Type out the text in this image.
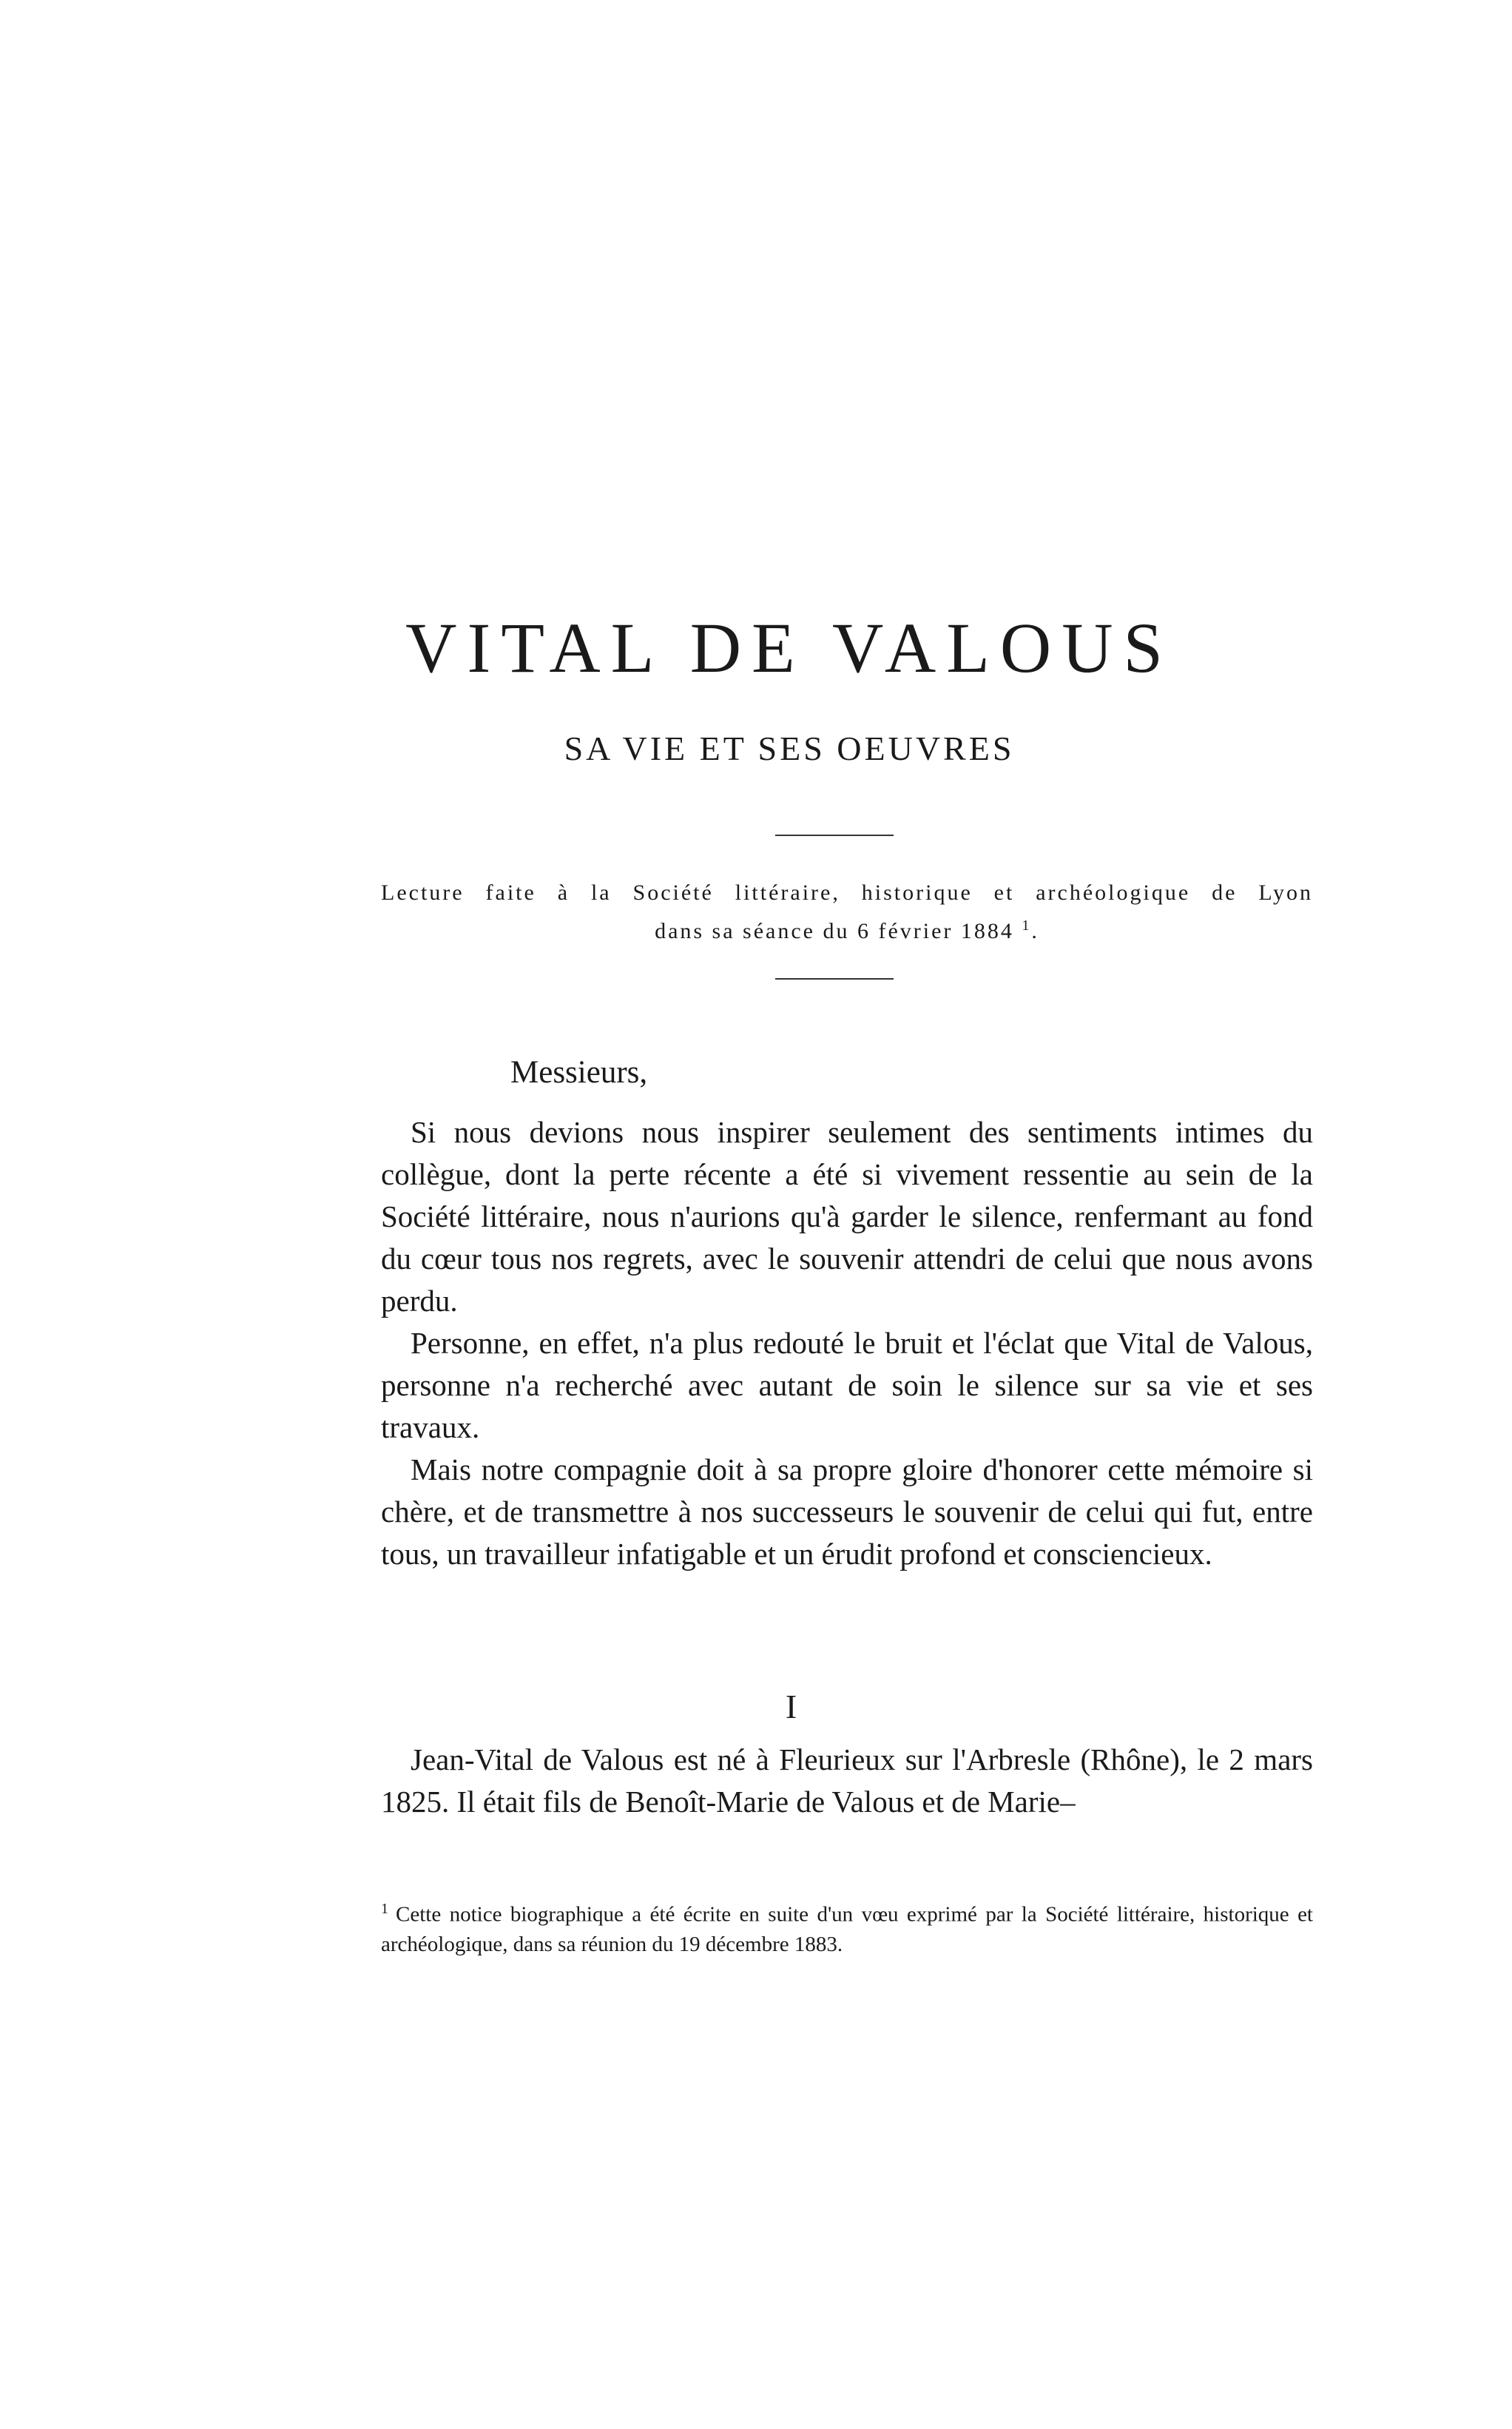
VITAL DE VALOUS
SA VIE ET SES OEUVRES
Lecture faite à la Société littéraire, historique et archéologique de Lyon
dans sa séance du 6 février 1884 $^1$.
Messieurs,

Si nous devions nous inspirer seulement des sentiments intimes du collègue, dont la perte récente a été si vivement ressentie au sein de la Société littéraire, nous n'aurions qu'à garder le silence, renfermant au fond du cœur tous nos regrets, avec le souvenir attendri de celui que nous avons perdu.

Personne, en effet, n'a plus redouté le bruit et l'éclat que Vital de Valous, personne n'a recherché avec autant de soin le silence sur sa vie et ses travaux.

Mais notre compagnie doit à sa propre gloire d'honorer cette mémoire si chère, et de transmettre à nos successeurs le souvenir de celui qui fut, entre tous, un travailleur infatigable et un érudit profond et consciencieux.

I

Jean-Vital de Valous est né à Fleurieux sur l'Arbresle (Rhône), le 2 mars 1825. Il était fils de Benoît-Marie de Valous et de Marie–

$^1$ Cette notice biographique a été écrite en suite d'un vœu exprimé par la Société littéraire, historique et archéologique, dans sa réunion du 19 décembre 1883.
